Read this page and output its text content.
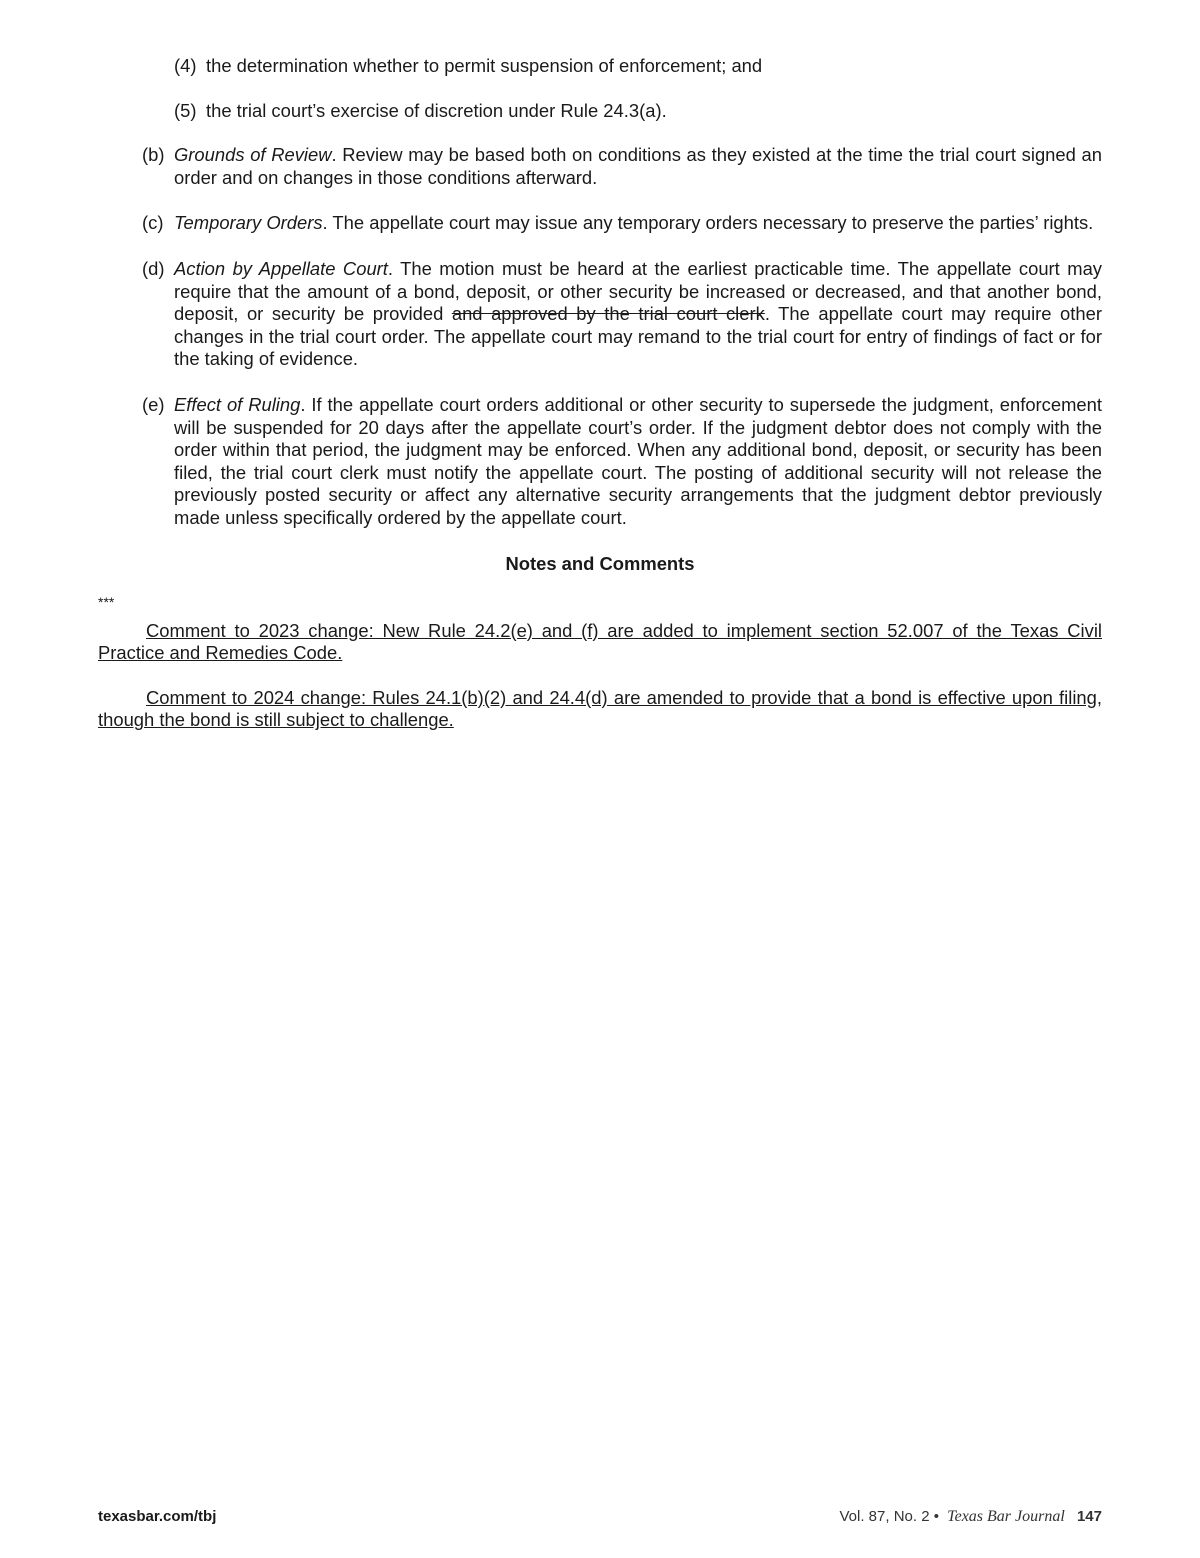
(4) the determination whether to permit suspension of enforcement; and
(5) the trial court’s exercise of discretion under Rule 24.3(a).
(b) Grounds of Review. Review may be based both on conditions as they existed at the time the trial court signed an order and on changes in those conditions afterward.
(c) Temporary Orders. The appellate court may issue any temporary orders necessary to preserve the parties’ rights.
(d) Action by Appellate Court. The motion must be heard at the earliest practicable time. The appellate court may require that the amount of a bond, deposit, or other security be increased or decreased, and that another bond, deposit, or security be provided and approved by the trial court clerk. The appellate court may require other changes in the trial court order. The appellate court may remand to the trial court for entry of findings of fact or for the taking of evidence.
(e) Effect of Ruling. If the appellate court orders additional or other security to supersede the judgment, enforcement will be suspended for 20 days after the appellate court’s order. If the judgment debtor does not comply with the order within that period, the judgment may be enforced. When any additional bond, deposit, or security has been filed, the trial court clerk must notify the appellate court. The posting of additional security will not release the previously posted security or affect any alternative security arrangements that the judgment debtor previously made unless specifically ordered by the appellate court.
Notes and Comments
***
Comment to 2023 change: New Rule 24.2(e) and (f) are added to implement section 52.007 of the Texas Civil Practice and Remedies Code.
Comment to 2024 change: Rules 24.1(b)(2) and 24.4(d) are amended to provide that a bond is effective upon filing, though the bond is still subject to challenge.
texasbar.com/tbj	Vol. 87, No. 2 • Texas Bar Journal 147
